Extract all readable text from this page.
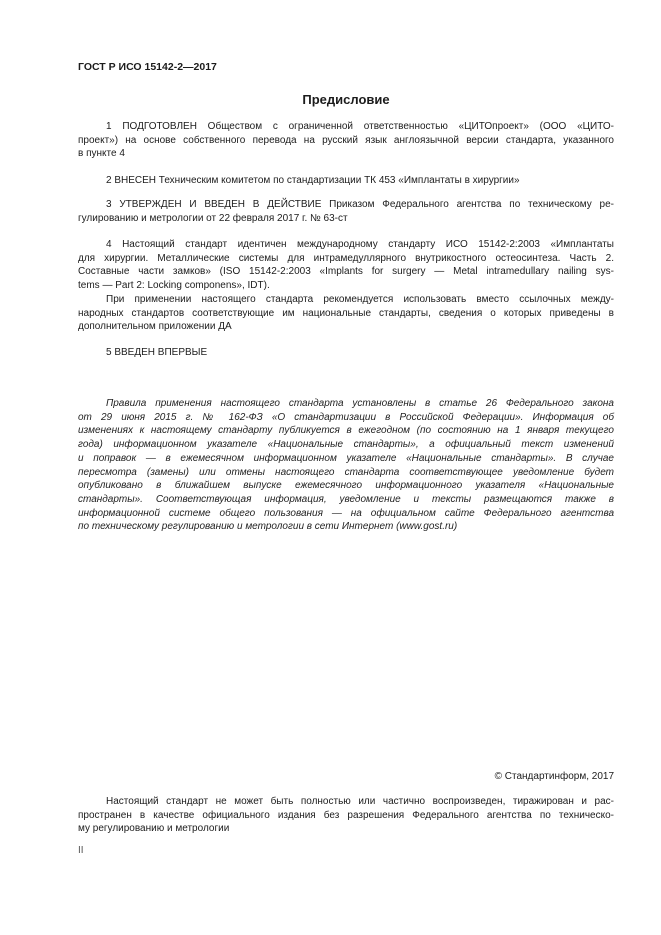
ГОСТ Р ИСО 15142-2—2017
Предисловие
1 ПОДГОТОВЛЕН Обществом с ограниченной ответственностью «ЦИТОпроект» (ООО «ЦИТО-
проект») на основе собственного перевода на русский язык англоязычной версии стандарта, указанного
в пункте 4
2 ВНЕСЕН Техническим комитетом по стандартизации ТК 453 «Имплантаты в хирургии»
3 УТВЕРЖДЕН И ВВЕДЕН В ДЕЙСТВИЕ Приказом Федерального агентства по техническому ре-
гулированию и метрологии от 22 февраля 2017 г. № 63-ст
4 Настоящий стандарт идентичен международному стандарту ИСО 15142-2:2003 «Имплантаты
для хирургии. Металлические системы для интрамедуллярного внутрикостного остеосинтеза. Часть 2.
Составные части замков» (ISO 15142-2:2003 «Implants for surgery — Metal intramedullary nailing sys-
tems — Part 2: Locking componens», IDT).
При применении настоящего стандарта рекомендуется использовать вместо ссылочных между-
народных стандартов соответствующие им национальные стандарты, сведения о которых приведены в
дополнительном приложении ДА
5 ВВЕДЕН ВПЕРВЫЕ
Правила применения настоящего стандарта установлены в статье 26 Федерального закона
от 29 июня 2015 г. № 162-ФЗ «О стандартизации в Российской Федерации». Информация об
изменениях к настоящему стандарту публикуется в ежегодном (по состоянию на 1 января текущего
года) информационном указателе «Национальные стандарты», а официальный текст изменений
и поправок — в ежемесячном информационном указателе «Национальные стандарты». В случае
пересмотра (замены) или отмены настоящего стандарта соответствующее уведомление будет
опубликовано в ближайшем выпуске ежемесячного информационного указателя «Национальные
стандарты». Соответствующая информация, уведомление и тексты размещаются также в
информационной системе общего пользования — на официальном сайте Федерального агентства
по техническому регулированию и метрологии в сети Интернет (www.gost.ru)
© Стандартинформ, 2017
Настоящий стандарт не может быть полностью или частично воспроизведен, тиражирован и рас-
пространен в качестве официального издания без разрешения Федерального агентства по техническо-
му регулированию и метрологии
II
